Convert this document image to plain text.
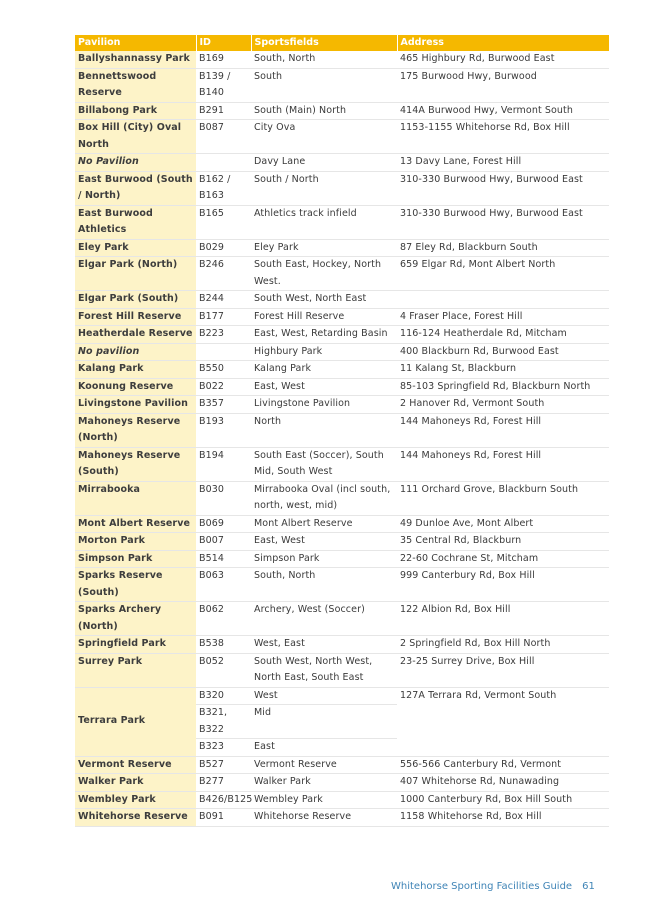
Pavilion	ID	Sportsfields	Address
Ballyshannassy Park	B169	South, North	465 Highbury Rd, Burwood East
Bennettswood Reserve	B139 / B140	South	175 Burwood Hwy, Burwood
Billabong Park	B291	South (Main) North	414A Burwood Hwy, Vermont South
Box Hill (City) Oval North	B087	City Ova	1153-1155 Whitehorse Rd, Box Hill
No Pavilion		Davy Lane	13 Davy Lane, Forest Hill
East Burwood (South / North)	B162 / B163	South / North	310-330 Burwood Hwy, Burwood East
East Burwood Athletics	B165	Athletics track infield	310-330 Burwood Hwy, Burwood East
Eley Park	B029	Eley Park	87 Eley Rd, Blackburn South
Elgar Park (North)	B246	South East, Hockey, North West.	659 Elgar Rd, Mont Albert North
Elgar Park (South)	B244	South West, North East	
Forest Hill Reserve	B177	Forest Hill Reserve	4 Fraser Place, Forest Hill
Heatherdale Reserve	B223	East, West, Retarding Basin	116-124 Heatherdale Rd, Mitcham
No pavilion		Highbury Park	400 Blackburn Rd, Burwood East
Kalang Park	B550	Kalang Park	11 Kalang St, Blackburn
Koonung Reserve	B022	East, West	85-103 Springfield Rd, Blackburn North
Livingstone Pavilion	B357	Livingstone Pavilion	2 Hanover Rd, Vermont South
Mahoneys Reserve (North)	B193	North	144 Mahoneys Rd, Forest Hill
Mahoneys Reserve (South)	B194	South East (Soccer), South Mid, South West	144 Mahoneys Rd, Forest Hill
Mirrabooka	B030	Mirrabooka Oval (incl south, north, west, mid)	111 Orchard Grove, Blackburn South
Mont Albert Reserve	B069	Mont Albert Reserve	49 Dunloe Ave, Mont Albert
Morton Park	B007	East, West	35 Central Rd, Blackburn
Simpson Park	B514	Simpson Park	22-60 Cochrane St, Mitcham
Sparks Reserve (South)	B063	South, North	999 Canterbury Rd, Box Hill
Sparks Archery (North)	B062	Archery, West (Soccer)	122 Albion Rd, Box Hill
Springfield Park	B538	West, East	2 Springfield Rd, Box Hill North
Surrey Park	B052	South West, North West, North East, South East	23-25 Surrey Drive, Box Hill
Terrara Park	B320	West	127A Terrara Rd, Vermont South
	B321, B322	Mid	
	B323	East	
Vermont Reserve	B527	Vermont Reserve	556-566 Canterbury Rd, Vermont
Walker Park	B277	Walker Park	407 Whitehorse Rd, Nunawading
Wembley Park	B426/B125	Wembley Park	1000 Canterbury Rd, Box Hill South
Whitehorse Reserve	B091	Whitehorse Reserve	1158 Whitehorse Rd, Box Hill
Whitehorse Sporting Facilities Guide 61
